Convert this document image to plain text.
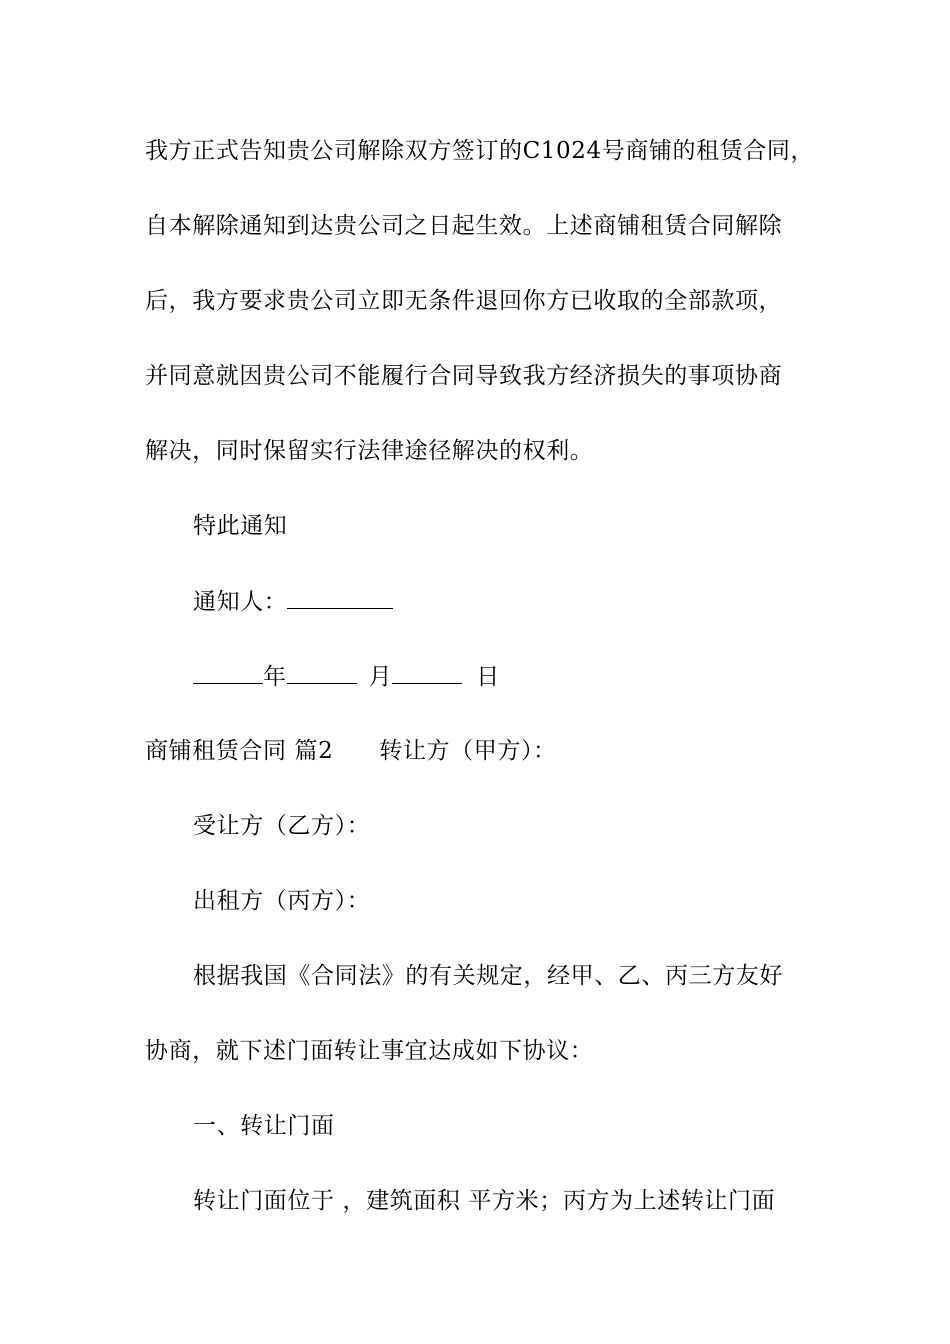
我方正式告知贵公司解除双方签订的C1024号商铺的租赁合同，
自本解除通知到达贵公司之日起生效。上述商铺租赁合同解除
后，我方要求贵公司立即无条件退回你方已收取的全部款项，
并同意就因贵公司不能履行合同导致我方经济损失的事项协商
解决，同时保留实行法律途径解决的权利。
特此通知
通知人：
年	月	日
商铺租赁合同 篇2 转让方（甲方）：
受让方（乙方）：
出租方（丙方）：
根据我国《合同法》的有关规定，经甲、乙、丙三方友好
协商，就下述门面转让事宜达成如下协议：
一、转让门面
转让门面位于 ，建筑面积 平方米；丙方为上述转让门面
